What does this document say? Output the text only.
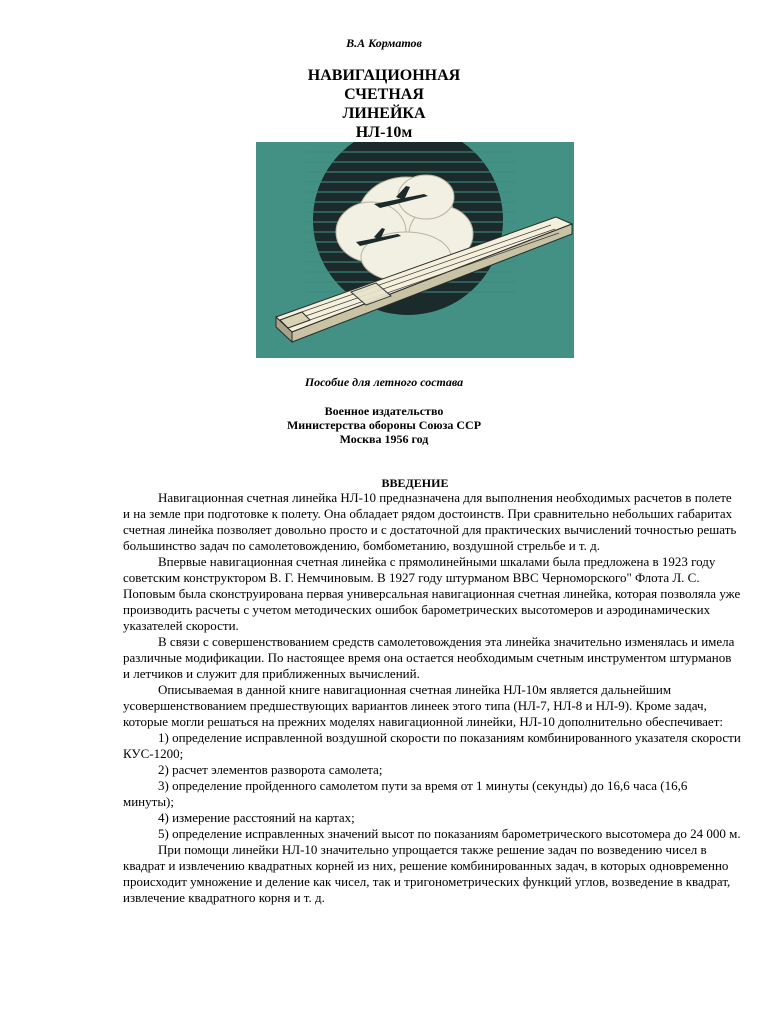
В.А Корматов
НАВИГАЦИОННАЯ
СЧЕТНАЯ
ЛИНЕЙКА
НЛ-10м
Пособие для летного состава
Военное издательство
Министерства обороны Союза ССР
Москва 1956 год
ВВЕДЕНИЕ

Навигационная счетная линейка НЛ-10 предназначена для выполнения необходимых расчетов в полете и на земле при подготовке к полету. Она обладает рядом достоинств. При сравнительно небольших габаритах счетная линейка позволяет довольно просто и с достаточной для практических вычислений точностью решать большинство задач по самолетовождению, бомбометанию, воздушной стрельбе и т. д.

Впервые навигационная счетная линейка с прямолинейными шкалами была предложена в 1923 году советским конструктором В. Г. Немчиновым. В 1927 году штурманом ВВС Черноморского" Флота Л. С. Поповым была сконструирована первая универсальная навигационная счетная линейка, которая позволяла уже производить расчеты с учетом методических ошибок барометрических высотомеров и аэродинамических указателей скорости.

В связи с совершенствованием средств самолетовождения эта линейка значительно изменялась и имела различные модификации. По настоящее время она остается необходимым счетным инструментом штурманов и летчиков и служит для приближенных вычислений.

Описываемая в данной книге навигационная счетная линейка НЛ-10м является дальнейшим усовершенствованием предшествующих вариантов линеек этого типа (НЛ-7, НЛ-8 и НЛ-9). Кроме задач, которые могли решаться на прежних моделях навигационной линейки, НЛ-10 дополнительно обеспечивает:

1) определение исправленной воздушной скорости по показаниям комбинированного указателя скорости КУС-1200;

2) расчет элементов разворота самолета;

3) определение пройденного самолетом пути за время от 1 минуты (секунды) до 16,6 часа (16,6 минуты);

4) измерение расстояний на картах;

5) определение исправленных значений высот по показаниям барометрического высотомера до 24 000 м.

При помощи линейки НЛ-10 значительно упрощается также решение задач по возведению чисел в квадрат и извлечению квадратных корней из них, решение комбинированных задач, в которых одновременно происходит умножение и деление как чисел, так и тригонометрических функций углов, возведение в квадрат, извлечение квадратного корня и т. д.
